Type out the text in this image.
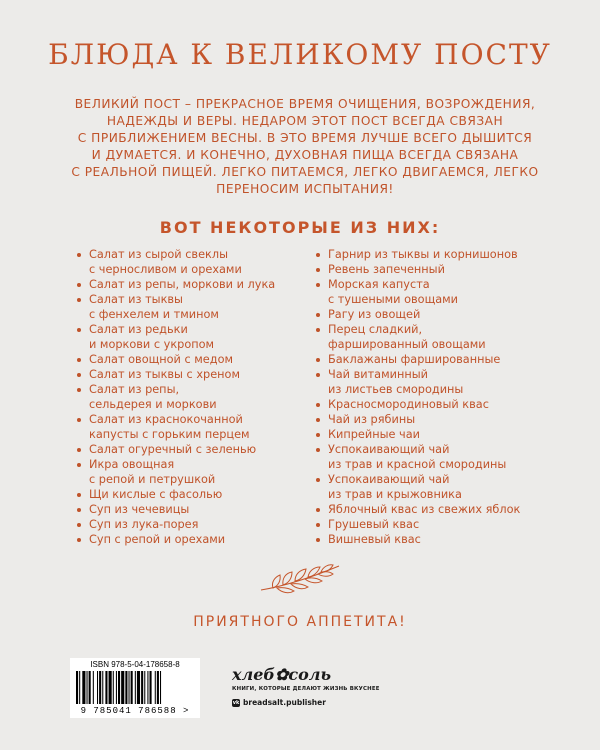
БЛЮДА К ВЕЛИКОМУ ПОСТУ
ВЕЛИКИЙ ПОСТ – ПРЕКРАСНОЕ ВРЕМЯ ОЧИЩЕНИЯ, ВОЗРОЖДЕНИЯ,
НАДЕЖДЫ И ВЕРЫ. НЕДАРОМ ЭТОТ ПОСТ ВСЕГДА СВЯЗАН
С ПРИБЛИЖЕНИЕМ ВЕСНЫ. В ЭТО ВРЕМЯ ЛУЧШЕ ВСЕГО ДЫШИТСЯ
И ДУМАЕТСЯ. И КОНЕЧНО, ДУХОВНАЯ ПИЩА ВСЕГДА СВЯЗАНА
С РЕАЛЬНОЙ ПИЩЕЙ. ЛЕГКО ПИТАЕМСЯ, ЛЕГКО ДВИГАЕМСЯ, ЛЕГКО
ПЕРЕНОСИМ ИСПЫТАНИЯ!
ВОТ НЕКОТОРЫЕ ИЗ НИХ:
Салат из сырой свеклы
с черносливом и орехами
Салат из репы, моркови и лука
Салат из тыквы
с фенхелем и тмином
Салат из редьки
и моркови с укропом
Салат овощной с медом
Салат из тыквы с хреном
Салат из репы,
сельдерея и моркови
Салат из краснокочанной
капусты с горьким перцем
Салат огуречный с зеленью
Икра овощная
с репой и петрушкой
Щи кислые с фасолью
Суп из чечевицы
Суп из лука-порея
Суп с репой и орехами
Гарнир из тыквы и корнишонов
Ревень запеченный
Морская капуста
с тушеными овощами
Рагу из овощей
Перец сладкий,
фаршированный овощами
Баклажаны фаршированные
Чай витаминный
из листьев смородины
Красносмородиновый квас
Чай из рябины
Кипрейные чаи
Успокаивающий чай
из трав и красной смородины
Успокаивающий чай
из трав и крыжовника
Яблочный квас из свежих яблок
Грушевый квас
Вишневый квас
ПРИЯТНОГО АППЕТИТА!
ISBN 978-5-04-178658-8
9 785041 786588 >
хлеб✿соль
КНИГИ, КОТОРЫЕ ДЕЛАЮТ ЖИЗНЬ ВКУСНЕЕ
vk breadsalt.publisher
